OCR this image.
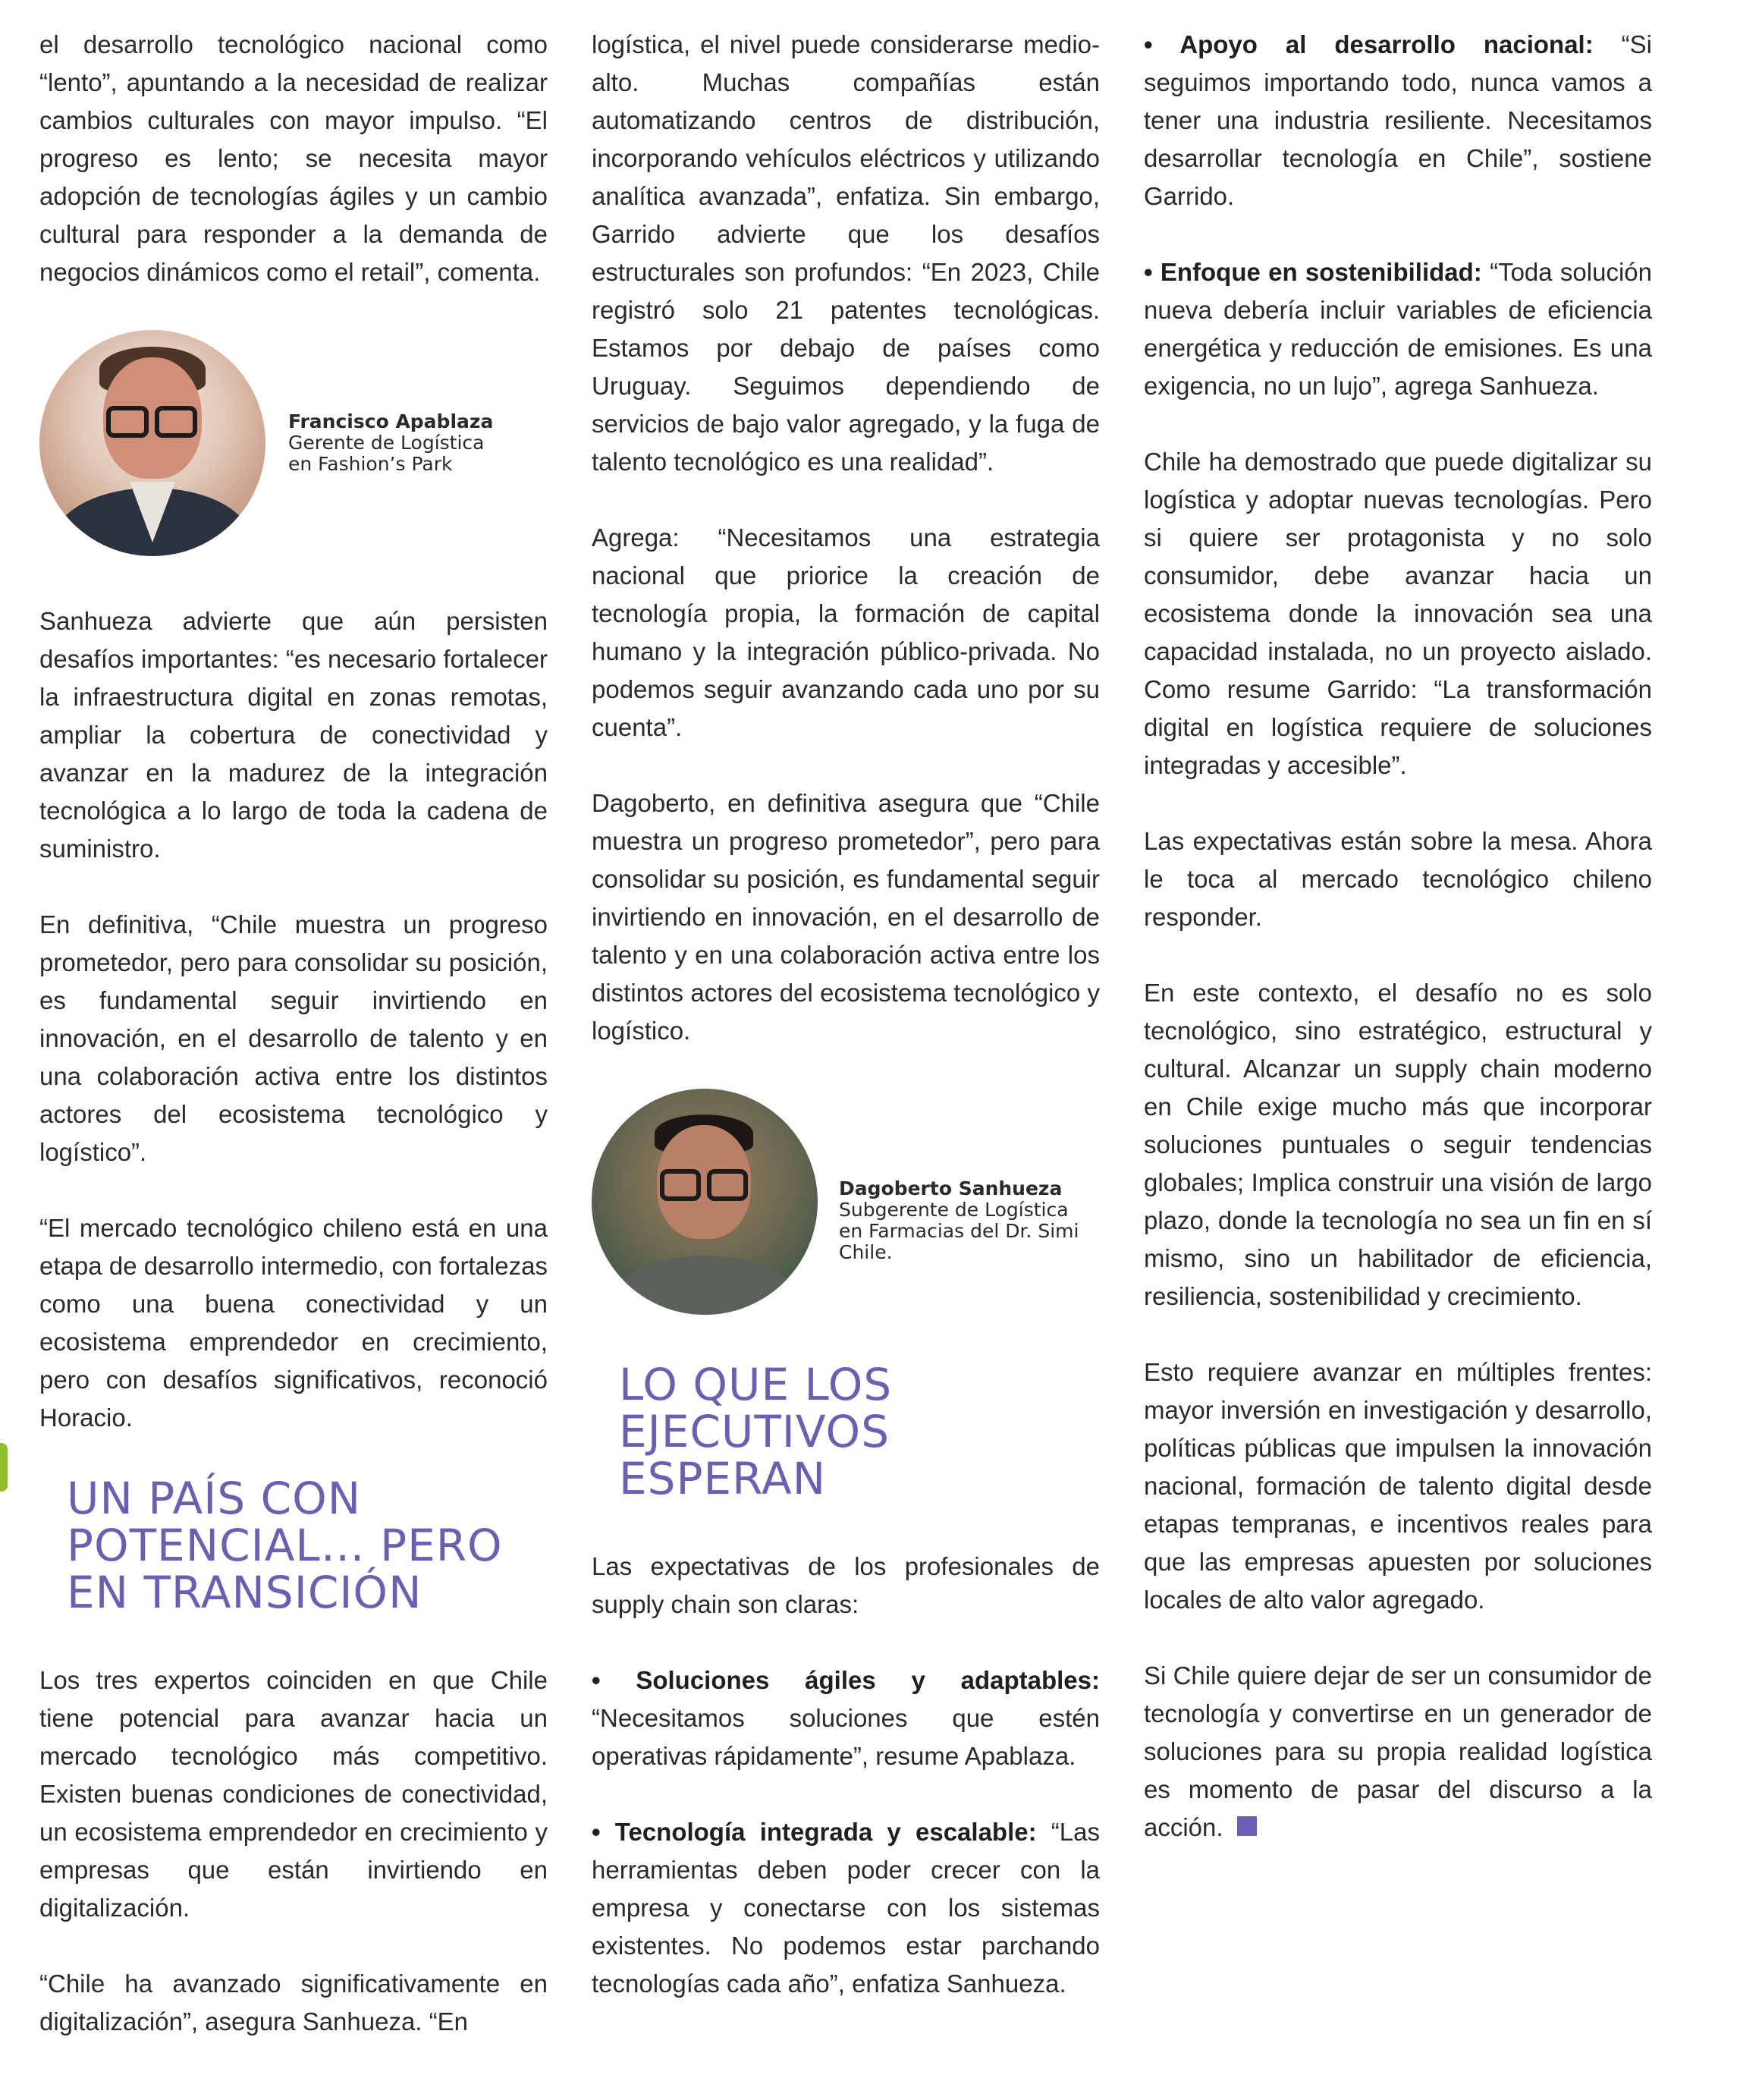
el desarrollo tecnológico nacional como “lento”, apuntando a la necesidad de realizar cambios culturales con mayor impulso. “El progreso es lento; se necesita mayor adopción de tecnologías ágiles y un cambio cultural para responder a la demanda de negocios dinámicos como el retail”, comenta.

Francisco Apablaza
Gerente de Logística
en Fashion’s Park

Sanhueza advierte que aún persisten desafíos importantes: “es necesario fortalecer la infraestructura digital en zonas remotas, ampliar la cobertura de conectividad y avanzar en la madurez de la integración tecnológica a lo largo de toda la cadena de suministro.

En definitiva, “Chile muestra un progreso prometedor, pero para consolidar su posición, es fundamental seguir invirtiendo en innovación, en el desarrollo de talento y en una colaboración activa entre los distintos actores del ecosistema tecnológico y logístico”.

“El mercado tecnológico chileno está en una etapa de desarrollo intermedio, con fortalezas como una buena conectividad y un ecosistema emprendedor en crecimiento, pero con desafíos significativos, reconoció Horacio.

UN PAÍS CON POTENCIAL… PERO EN TRANSICIÓN

Los tres expertos coinciden en que Chile tiene potencial para avanzar hacia un mercado tecnológico más competitivo. Existen buenas condiciones de conectividad, un ecosistema emprendedor en crecimiento y empresas que están invirtiendo en digitalización.

“Chile ha avanzado significativamente en digitalización”, asegura Sanhueza. “En

logística, el nivel puede considerarse medio-alto. Muchas compañías están automatizando centros de distribución, incorporando vehículos eléctricos y utilizando analítica avanzada”, enfatiza. Sin embargo, Garrido advierte que los desafíos estructurales son profundos: “En 2023, Chile registró solo 21 patentes tecnológicas. Estamos por debajo de países como Uruguay. Seguimos dependiendo de servicios de bajo valor agregado, y la fuga de talento tecnológico es una realidad”.

Agrega: “Necesitamos una estrategia nacional que priorice la creación de tecnología propia, la formación de capital humano y la integración público-privada. No podemos seguir avanzando cada uno por su cuenta”.

Dagoberto, en definitiva asegura que “Chile muestra un progreso prometedor”, pero para consolidar su posición, es fundamental seguir invirtiendo en innovación, en el desarrollo de talento y en una colaboración activa entre los distintos actores del ecosistema tecnológico y logístico.

Dagoberto Sanhueza
Subgerente de Logística
en Farmacias del Dr. Simi
Chile.
LO QUE LOS EJECUTIVOS ESPERAN

Las expectativas de los profesionales de supply chain son claras:

• Soluciones ágiles y adaptables: “Necesitamos soluciones que estén operativas rápidamente”, resume Apablaza.

• Tecnología integrada y escalable: “Las herramientas deben poder crecer con la empresa y conectarse con los sistemas existentes. No podemos estar parchando tecnologías cada año”, enfatiza Sanhueza.

• Apoyo al desarrollo nacional: “Si seguimos importando todo, nunca vamos a tener una industria resiliente. Necesitamos desarrollar tecnología en Chile”, sostiene Garrido.

• Enfoque en sostenibilidad: “Toda solución nueva debería incluir variables de eficiencia energética y reducción de emisiones. Es una exigencia, no un lujo”, agrega Sanhueza.

Chile ha demostrado que puede digitalizar su logística y adoptar nuevas tecnologías. Pero si quiere ser protagonista y no solo consumidor, debe avanzar hacia un ecosistema donde la innovación sea una capacidad instalada, no un proyecto aislado. Como resume Garrido: “La transformación digital en logística requiere de soluciones integradas y accesible”.

Las expectativas están sobre la mesa. Ahora le toca al mercado tecnológico chileno responder.

En este contexto, el desafío no es solo tecnológico, sino estratégico, estructural y cultural. Alcanzar un supply chain moderno en Chile exige mucho más que incorporar soluciones puntuales o seguir tendencias globales; Implica construir una visión de largo plazo, donde la tecnología no sea un fin en sí mismo, sino un habilitador de eficiencia, resiliencia, sostenibilidad y crecimiento.

Esto requiere avanzar en múltiples frentes: mayor inversión en investigación y desarrollo, políticas públicas que impulsen la innovación nacional, formación de talento digital desde etapas tempranas, e incentivos reales para que las empresas apuesten por soluciones locales de alto valor agregado.

Si Chile quiere dejar de ser un consumidor de tecnología y convertirse en un generador de soluciones para su propia realidad logística es momento de pasar del discurso a la acción.
